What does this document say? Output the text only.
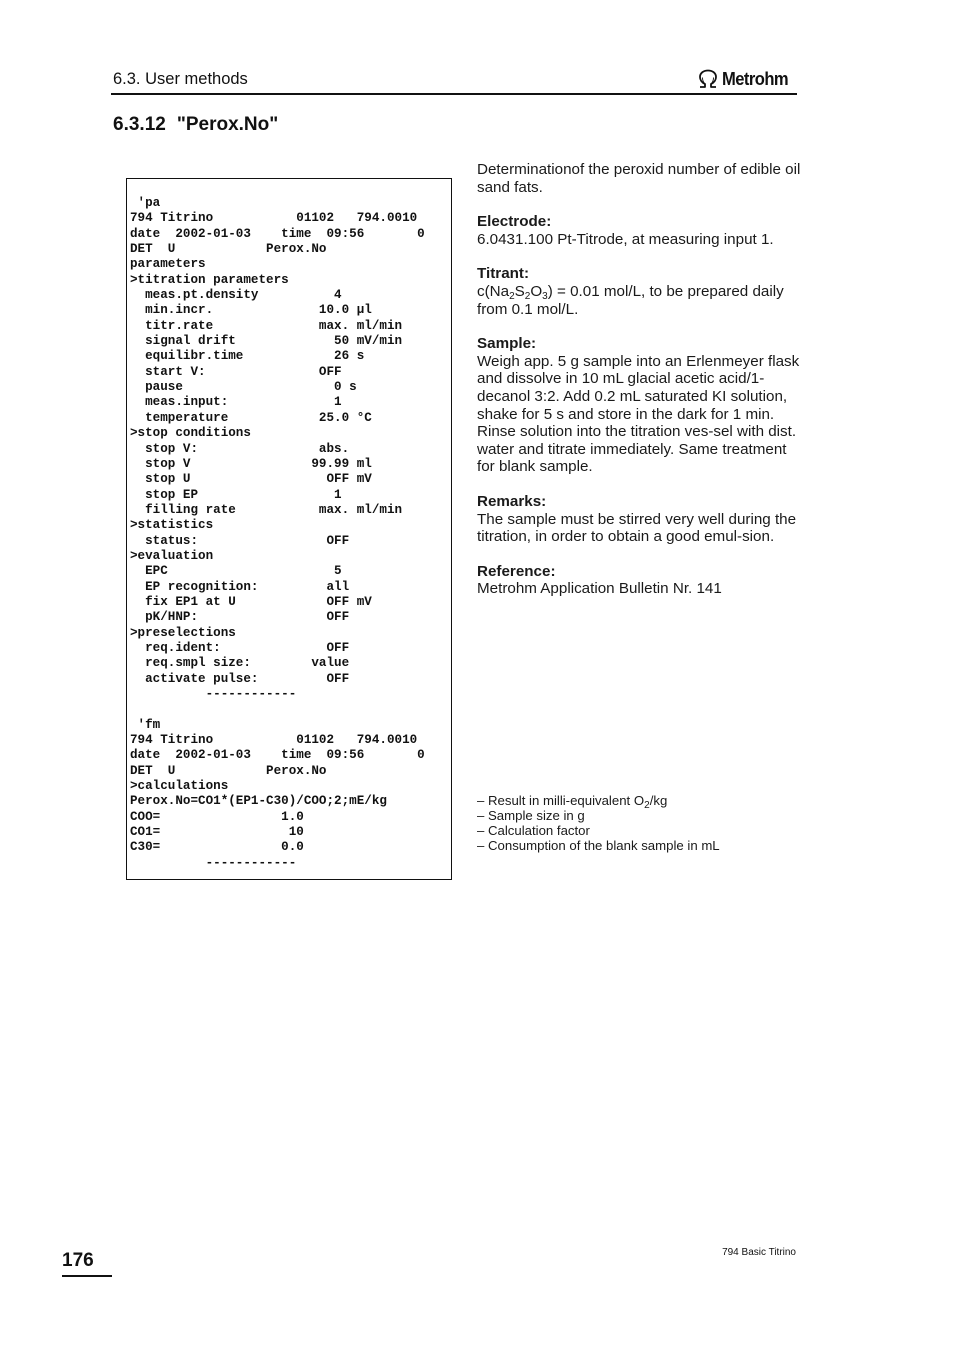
6.3. User methods	Metrohm
6.3.12 "Perox.No"
'pa
794 Titrino           01102   794.0010
date  2002-01-03    time  09:56       0
DET  U            Perox.No
parameters
>titration parameters
meas.pt.density          4
min.incr.              10.0 µl
titr.rate              max. ml/min
signal drift             50 mV/min
equilibr.time            26 s
start V:               OFF
pause                    0 s
meas.input:              1
temperature            25.0 °C
>stop conditions
stop V:                abs.
stop V                99.99 ml
stop U                  OFF mV
stop EP                  1
filling rate           max. ml/min
>statistics
status:                 OFF
>evaluation
EPC                      5
EP recognition:         all
fix EP1 at U            OFF mV
pK/HNP:                 OFF
>preselections
req.ident:              OFF
req.smpl size:        value
activate pulse:         OFF
------------

'fm
794 Titrino           01102   794.0010
date  2002-01-03    time  09:56       0
DET  U            Perox.No
>calculations
Perox.No=CO1*(EP1-C30)/COO;2;mE/kg
COO=                1.0
CO1=                 10
C30=                0.0
------------

Determinationof the peroxid number of edible oil sand fats.

Electrode:

6.0431.100 Pt-Titrode, at measuring input 1.

Titrant:

$c(Na_2S_2O_3) = 0.01$ mol/L, to be prepared daily from 0.1 mol/L.

Sample:

Weigh app. 5 g sample into an Erlenmeyer flask and dissolve in 10 mL glacial acetic acid/1-decanol 3:2. Add 0.2 mL saturated KI solution, shake for 5 s and store in the dark for 1 min. Rinse solution into the titration ves-sel with dist. water and titrate immediately. Same treatment for blank sample.

Remarks:

The sample must be stirred very well during the titration, in order to obtain a good emul-sion.

Reference:

Metrohm Application Bulletin Nr. 141

– Result in milli-equivalent $O_2/kg$
– Sample size in g
– Calculation factor
– Consumption of the blank sample in mL
176	794 Basic Titrino
